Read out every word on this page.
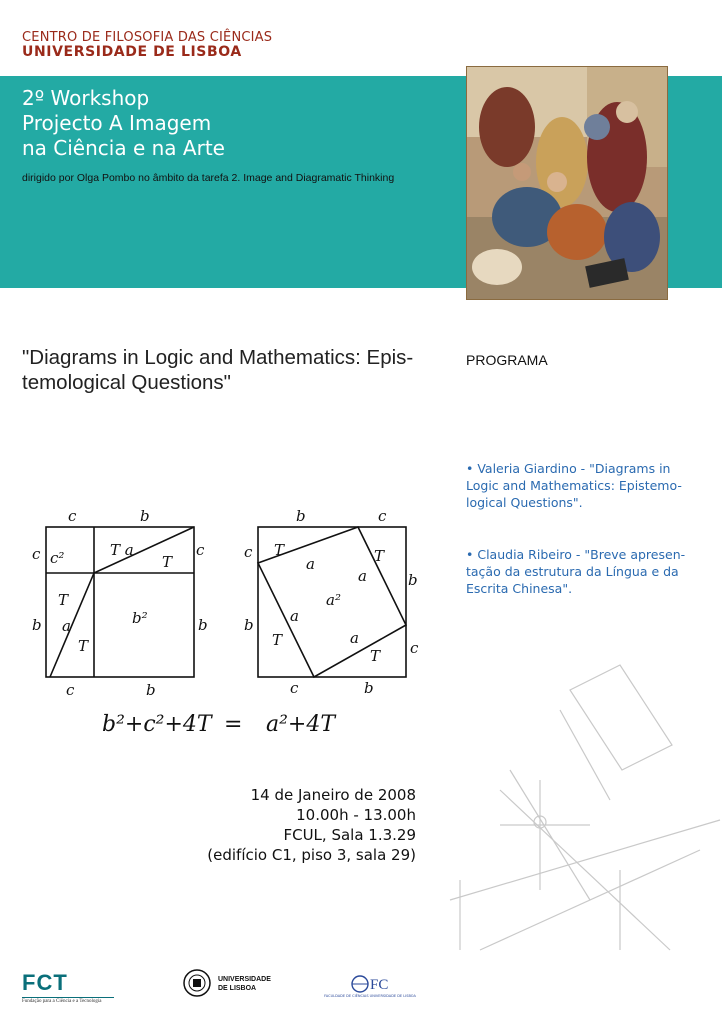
CENTRO DE FILOSOFIA DAS CIÊNCIAS
UNIVERSIDADE DE LISBOA
2º Workshop
Projecto A Imagem
na Ciência e na Arte
dirigido por Olga Pombo no âmbito da tarefa 2. Image and Diagramatic Thinking
"Diagrams in Logic and Mathematics: Epis-temological Questions"
PROGRAMA
• Valeria Giardino - "Diagrams in Logic and Mathematics: Epistemo-logical Questions".
• Claudia Ribeiro - "Breve apresen-tação da estrutura da Língua e da Escrita Chinesa".
c	b
c c²	T a
T
c
T
a
b	b²
T
b
c	b
b	c
c T
a	T
a	b
a²
b a
T	a
T c
c	b
b²+c²+4T = a²+4T
14 de Janeiro de 2008
10.00h - 13.00h
FCUL, Sala 1.3.29
(edifício C1, piso 3, sala 29)
FCT
Fundação para a Ciência e a Tecnologia
UNIVERSIDADE
DE LISBOA	FC
FACULDADE DE CIÊNCIAS UNIVERSIDADE DE LISBOA
